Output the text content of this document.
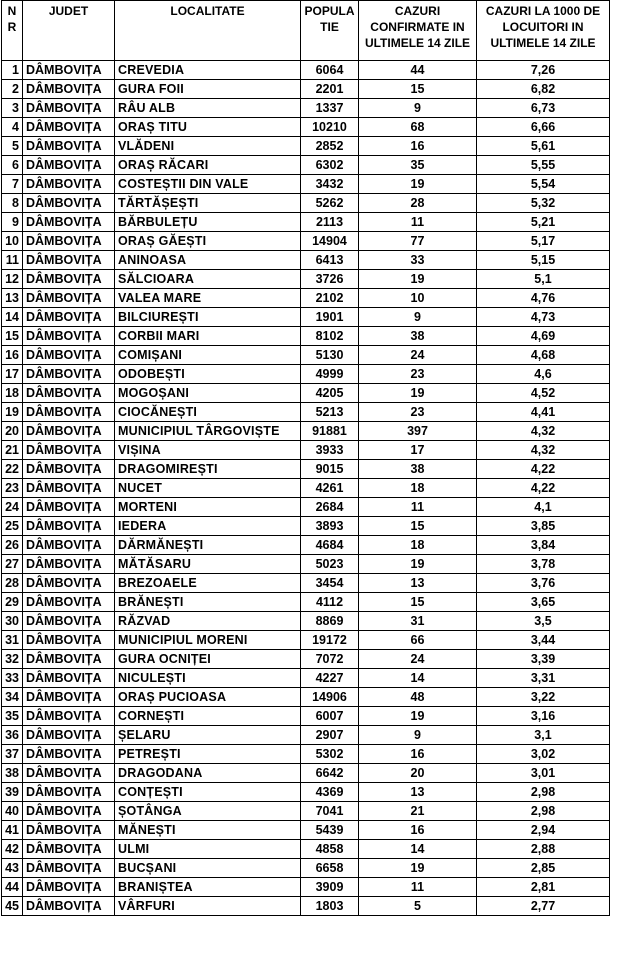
N R	JUDET	LOCALITATE	POPULA TIE	CAZURI CONFIRMATE IN ULTIMELE 14 ZILE	CAZURI LA 1000 DE LOCUITORI IN ULTIMELE 14 ZILE
1	DÂMBOVIȚA	CREVEDIA	6064	44	7,26
2	DÂMBOVIȚA	GURA FOII	2201	15	6,82
3	DÂMBOVIȚA	RÂU ALB	1337	9	6,73
4	DÂMBOVIȚA	ORAȘ TITU	10210	68	6,66
5	DÂMBOVIȚA	VLĂDENI	2852	16	5,61
6	DÂMBOVIȚA	ORAȘ RĂCARI	6302	35	5,55
7	DÂMBOVIȚA	COSTEȘTII DIN VALE	3432	19	5,54
8	DÂMBOVIȚA	TĂRTĂȘEȘTI	5262	28	5,32
9	DÂMBOVIȚA	BĂRBULEȚU	2113	11	5,21
10	DÂMBOVIȚA	ORAȘ GĂEȘTI	14904	77	5,17
11	DÂMBOVIȚA	ANINOASA	6413	33	5,15
12	DÂMBOVIȚA	SĂLCIOARA	3726	19	5,1
13	DÂMBOVIȚA	VALEA MARE	2102	10	4,76
14	DÂMBOVIȚA	BILCIUREȘTI	1901	9	4,73
15	DÂMBOVIȚA	CORBII MARI	8102	38	4,69
16	DÂMBOVIȚA	COMIȘANI	5130	24	4,68
17	DÂMBOVIȚA	ODOBEȘTI	4999	23	4,6
18	DÂMBOVIȚA	MOGOȘANI	4205	19	4,52
19	DÂMBOVIȚA	CIOCĂNEȘTI	5213	23	4,41
20	DÂMBOVIȚA	MUNICIPIUL TÂRGOVIȘTE	91881	397	4,32
21	DÂMBOVIȚA	VIȘINA	3933	17	4,32
22	DÂMBOVIȚA	DRAGOMIREȘTI	9015	38	4,22
23	DÂMBOVIȚA	NUCET	4261	18	4,22
24	DÂMBOVIȚA	MORTENI	2684	11	4,1
25	DÂMBOVIȚA	IEDERA	3893	15	3,85
26	DÂMBOVIȚA	DĂRMĂNEȘTI	4684	18	3,84
27	DÂMBOVIȚA	MĂTĂSARU	5023	19	3,78
28	DÂMBOVIȚA	BREZOAELE	3454	13	3,76
29	DÂMBOVIȚA	BRĂNEȘTI	4112	15	3,65
30	DÂMBOVIȚA	RĂZVAD	8869	31	3,5
31	DÂMBOVIȚA	MUNICIPIUL MORENI	19172	66	3,44
32	DÂMBOVIȚA	GURA OCNIȚEI	7072	24	3,39
33	DÂMBOVIȚA	NICULEȘTI	4227	14	3,31
34	DÂMBOVIȚA	ORAȘ PUCIOASA	14906	48	3,22
35	DÂMBOVIȚA	CORNEȘTI	6007	19	3,16
36	DÂMBOVIȚA	ȘELARU	2907	9	3,1
37	DÂMBOVIȚA	PETREȘTI	5302	16	3,02
38	DÂMBOVIȚA	DRAGODANA	6642	20	3,01
39	DÂMBOVIȚA	CONȚEȘTI	4369	13	2,98
40	DÂMBOVIȚA	ȘOTÂNGA	7041	21	2,98
41	DÂMBOVIȚA	MĂNEȘTI	5439	16	2,94
42	DÂMBOVIȚA	ULMI	4858	14	2,88
43	DÂMBOVIȚA	BUCȘANI	6658	19	2,85
44	DÂMBOVIȚA	BRANIȘTEA	3909	11	2,81
45	DÂMBOVIȚA	VÂRFURI	1803	5	2,77
